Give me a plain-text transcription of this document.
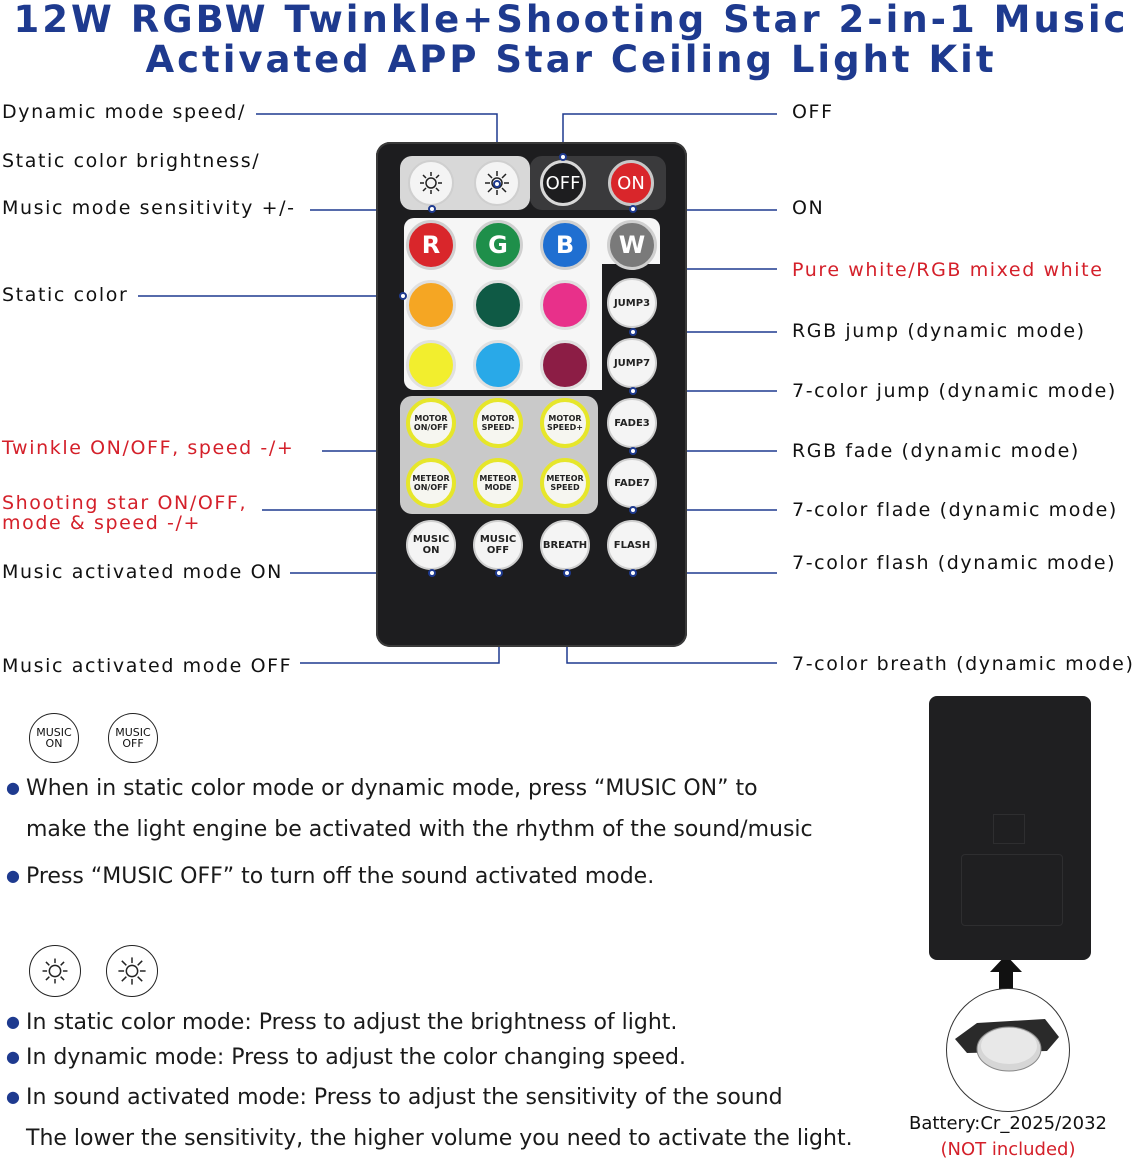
12W RGBW Twinkle+Shooting Star 2-in-1 Music
Activated APP Star Ceiling Light Kit
Dynamic mode speed/
Static color brightness/
Music mode sensitivity +/-
Static color
Twinkle ON/OFF, speed -/+
Shooting star ON/OFF,
mode & speed -/+
Music activated mode ON
Music activated mode OFF
OFF
ON
Pure white/RGB mixed white
RGB jump (dynamic mode)
7-color jump (dynamic mode)
RGB fade (dynamic mode)
7-color flade (dynamic mode)
7-color flash (dynamic mode)
7-color breath (dynamic mode)
OFF	ON
R	G	B	W
JUMP3
JUMP7
MOTOR ON/OFF
MOTOR SPEED-
MOTOR SPEED+	FADE3
METEOR ON/OFF
METEOR MODE
METEOR SPEED	FADE7
MUSIC ON
MUSIC OFF	BREATH	FLASH
MUSIC ON
MUSIC OFF
● When in static color mode or dynamic mode, press “MUSIC ON” to
make the light engine be activated with the rhythm of the sound/music
● Press “MUSIC OFF” to turn off the sound activated mode.
● In static color mode: Press to adjust the brightness of light.
● In dynamic mode: Press to adjust the color changing speed.
● In sound activated mode: Press to adjust the sensitivity of the sound
The lower the sensitivity, the higher volume you need to activate the light.
Battery:Cr_2025/2032
(NOT included)
